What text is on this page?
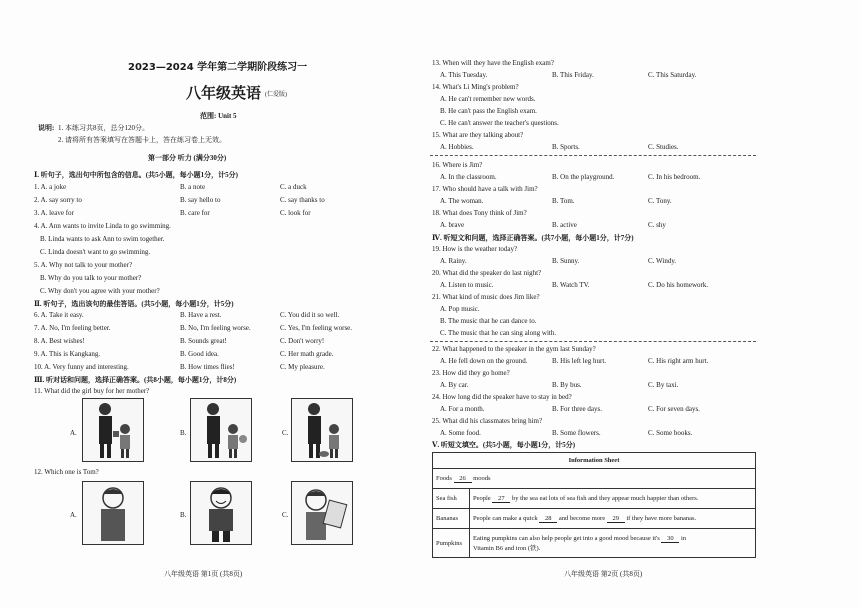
2023—2024 学年第二学期阶段练习一
八年级英语 (仁爱版)
范围: Unit 5
说明: 1. 本练习共8页，总分120分。
2. 请将所有答案填写在答题卡上，答在练习卷上无效。
第一部分 听力 (满分30分)
Ⅰ. 听句子，选出句中所包含的信息。(共5小题，每小题1分，计5分)
1. A. a joke	B. a note	C. a duck
2. A. say sorry to	B. say hello to	C. say thanks to
3. A. leave for	B. care for	C. look for
4. A. Ann wants to invite Linda to go swimming.
B. Linda wants to ask Ann to swim together.
C. Linda doesn't want to go swimming.
5. A. Why not talk to your mother?
B. Why do you talk to your mother?
C. Why don't you agree with your mother?
Ⅱ. 听句子，选出该句的最佳答语。(共5小题，每小题1分，计5分)
6. A. Take it easy.	B. Have a rest.	C. You did it so well.
7. A. No, I'm feeling better.	B. No, I'm feeling worse.	C. Yes, I'm feeling worse.
8. A. Best wishes!	B. Sounds great!	C. Don't worry!
9. A. This is Kangkang.	B. Good idea.	C. Her math grade.
10. A. Very funny and interesting.	B. How times flies!	C. My pleasure.
Ⅲ. 听对话和问题，选择正确答案。(共8小题，每小题1分，计8分)
11. What did the girl buy for her mother?
A.	B.	C.
12. Which one is Tom?
A.	B.	C.
八年级英语 第1页 (共8页)
13. When will they have the English exam?
A. This Tuesday.	B. This Friday.	C. This Saturday.
14. What's Li Ming's problem?
A. He can't remember new words.
B. He can't pass the English exam.
C. He can't answer the teacher's questions.
15. What are they talking about?
A. Hobbies.	B. Sports.	C. Studies.
16. Where is Jim?
A. In the classroom.	B. On the playground.	C. In his bedroom.
17. Who should have a talk with Jim?
A. The woman.	B. Tom.	C. Tony.
18. What does Tony think of Jim?
A. brave	B. active	C. shy
Ⅳ. 听短文和问题，选择正确答案。(共7小题，每小题1分，计7分)
19. How is the weather today?
A. Rainy.	B. Sunny.	C. Windy.
20. What did the speaker do last night?
A. Listen to music.	B. Watch TV.	C. Do his homework.
21. What kind of music does Jim like?
A. Pop music.
B. The music that he can dance to.
C. The music that he can sing along with.
22. What happened to the speaker in the gym last Sunday?
A. He fell down on the ground.	B. His left leg hurt.	C. His right arm hurt.
23. How did they go home?
A. By car.	B. By bus.	C. By taxi.
24. How long did the speaker have to stay in bed?
A. For a month.	B. For three days.	C. For seven days.
25. What did his classmates bring him?
A. Some food.	B. Some flowers.	C. Some books.
Ⅴ. 听短文填空。(共5小题，每小题1分，计5分)
Information Sheet	
Foods 26 moods	
Sea fish	People 27 by the sea eat lots of sea fish and they appear much happier than others.
Bananas	People can make a quick 28 and become more 29 if they have more bananas.
Pumpkins	Eating pumpkins can also help people get into a good mood because it's 30 in
Vitamin B6 and iron (铁).
八年级英语 第2页 (共8页)
